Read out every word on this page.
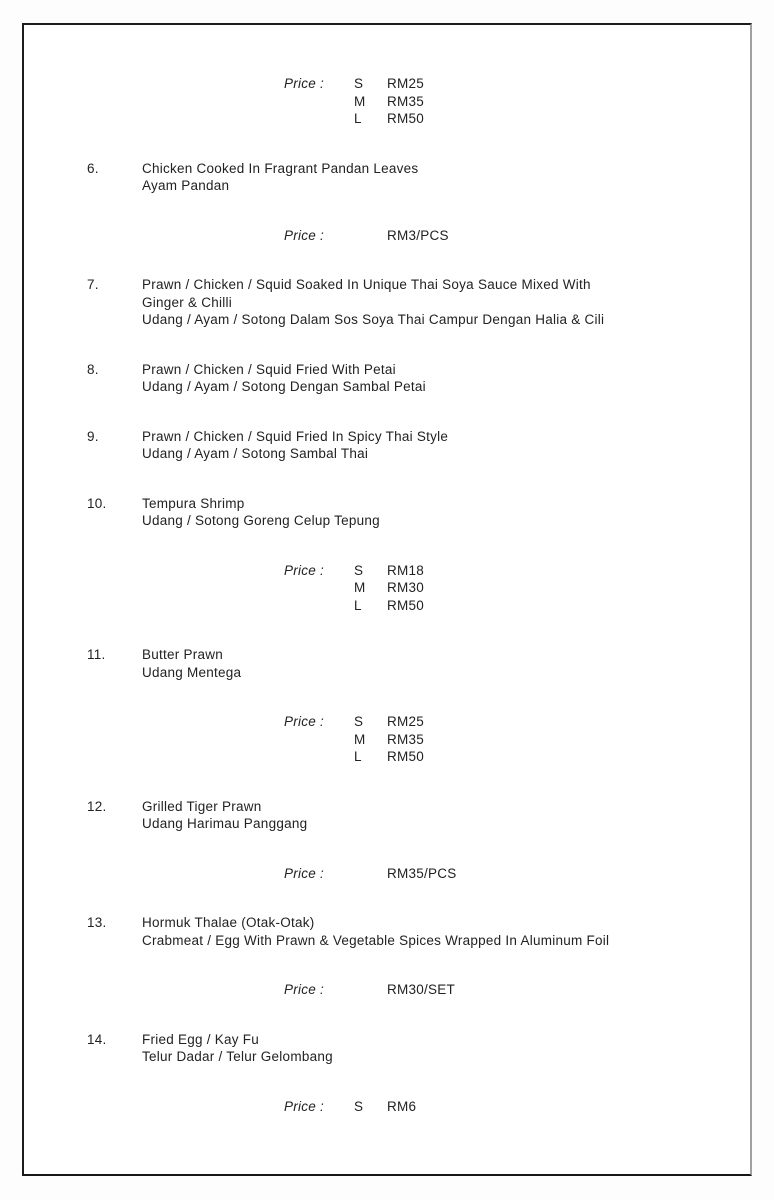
Price :	S	RM25
M	RM35
L	RM50
6.	Chicken Cooked In Fragrant Pandan Leaves
Ayam Pandan
Price :	RM3/PCS
7.	Prawn / Chicken / Squid Soaked In Unique Thai Soya Sauce Mixed With
Ginger & Chilli
Udang / Ayam / Sotong Dalam Sos Soya Thai Campur Dengan Halia & Cili
8.	Prawn / Chicken / Squid Fried With Petai
Udang / Ayam / Sotong Dengan Sambal Petai
9.	Prawn / Chicken / Squid Fried In Spicy Thai Style
Udang / Ayam / Sotong Sambal Thai
10.	Tempura Shrimp
Udang / Sotong Goreng Celup Tepung
Price :	S	RM18
M	RM30
L	RM50
11.	Butter Prawn
Udang Mentega
Price :	S	RM25
M	RM35
L	RM50
12.	Grilled Tiger Prawn
Udang Harimau Panggang
Price :	RM35/PCS
13.	Hormuk Thalae (Otak-Otak)
Crabmeat / Egg With Prawn & Vegetable Spices Wrapped In Aluminum Foil
Price :	RM30/SET
14.	Fried Egg / Kay Fu
Telur Dadar / Telur Gelombang
Price :	S	RM6
